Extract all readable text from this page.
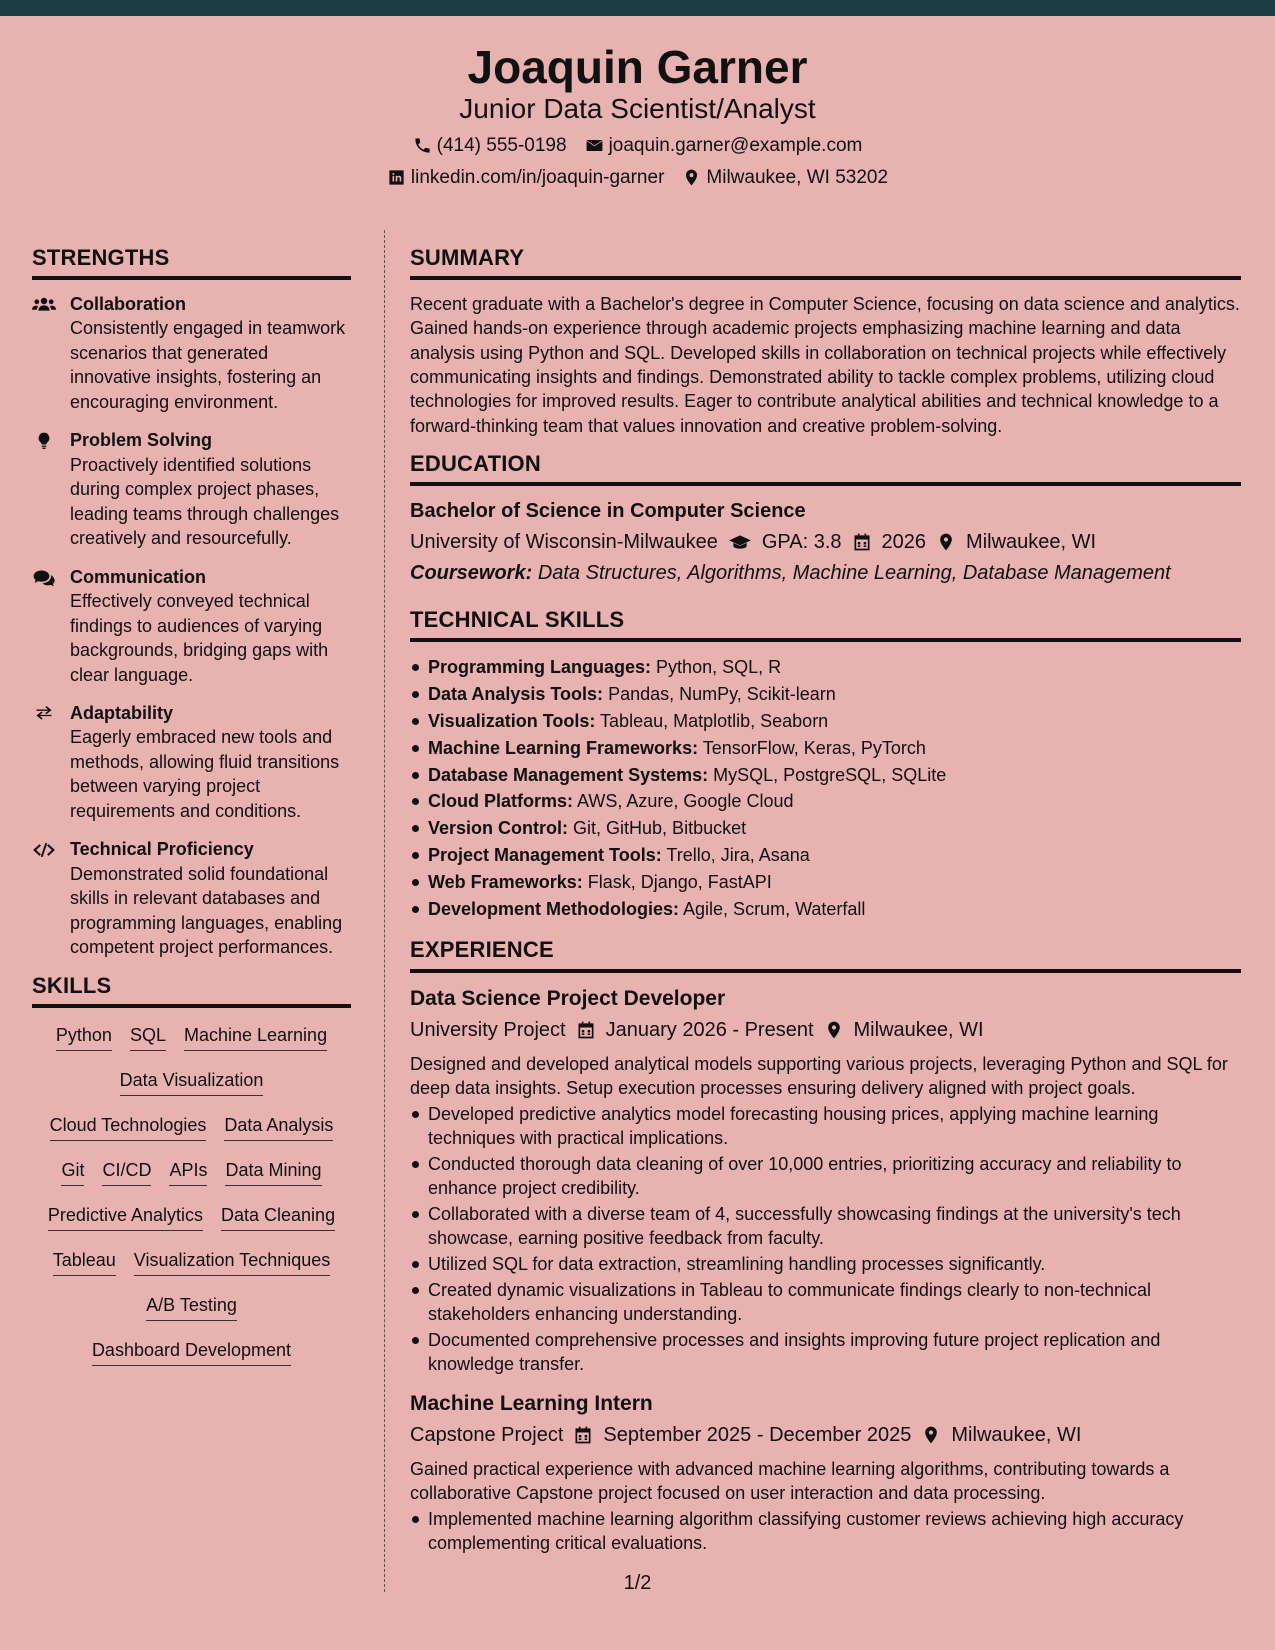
Joaquin Garner
Junior Data Scientist/Analyst
(414) 555-0198 joaquin.garner@example.com
linkedin.com/in/joaquin-garner Milwaukee, WI 53202
STRENGTHS
Collaboration
Consistently engaged in teamwork scenarios that generated innovative insights, fostering an encouraging environment.
Problem Solving
Proactively identified solutions during complex project phases, leading teams through challenges creatively and resourcefully.
Communication
Effectively conveyed technical findings to audiences of varying backgrounds, bridging gaps with clear language.
Adaptability
Eagerly embraced new tools and methods, allowing fluid transitions between varying project requirements and conditions.
Technical Proficiency
Demonstrated solid foundational skills in relevant databases and programming languages, enabling competent project performances.
SKILLS
Python SQL Machine Learning
Data Visualization
Cloud Technologies Data Analysis
Git CI/CD APIs Data Mining
Predictive Analytics Data Cleaning
Tableau Visualization Techniques
A/B Testing
Dashboard Development
SUMMARY

Recent graduate with a Bachelor's degree in Computer Science, focusing on data science and analytics. Gained hands-on experience through academic projects emphasizing machine learning and data analysis using Python and SQL. Developed skills in collaboration on technical projects while effectively communicating insights and findings. Demonstrated ability to tackle complex problems, utilizing cloud technologies for improved results. Eager to contribute analytical abilities and technical knowledge to a forward-thinking team that values innovation and creative problem-solving.

EDUCATION
Bachelor of Science in Computer Science
University of Wisconsin-Milwaukee GPA: 3.8 2026 Milwaukee, WI
Coursework: Data Structures, Algorithms, Machine Learning, Database Management
TECHNICAL SKILLS
Programming Languages: Python, SQL, R
Data Analysis Tools: Pandas, NumPy, Scikit-learn
Visualization Tools: Tableau, Matplotlib, Seaborn
Machine Learning Frameworks: TensorFlow, Keras, PyTorch
Database Management Systems: MySQL, PostgreSQL, SQLite
Cloud Platforms: AWS, Azure, Google Cloud
Version Control: Git, GitHub, Bitbucket
Project Management Tools: Trello, Jira, Asana
Web Frameworks: Flask, Django, FastAPI
Development Methodologies: Agile, Scrum, Waterfall
EXPERIENCE
Data Science Project Developer
University Project January 2026 - Present Milwaukee, WI

Designed and developed analytical models supporting various projects, leveraging Python and SQL for deep data insights. Setup execution processes ensuring delivery aligned with project goals.

Developed predictive analytics model forecasting housing prices, applying machine learning techniques with practical implications.
Conducted thorough data cleaning of over 10,000 entries, prioritizing accuracy and reliability to enhance project credibility.
Collaborated with a diverse team of 4, successfully showcasing findings at the university's tech showcase, earning positive feedback from faculty.
Utilized SQL for data extraction, streamlining handling processes significantly.
Created dynamic visualizations in Tableau to communicate findings clearly to non-technical stakeholders enhancing understanding.
Documented comprehensive processes and insights improving future project replication and knowledge transfer.
Machine Learning Intern
Capstone Project September 2025 - December 2025 Milwaukee, WI

Gained practical experience with advanced machine learning algorithms, contributing towards a collaborative Capstone project focused on user interaction and data processing.

Implemented machine learning algorithm classifying customer reviews achieving high accuracy complementing critical evaluations.
1/2
